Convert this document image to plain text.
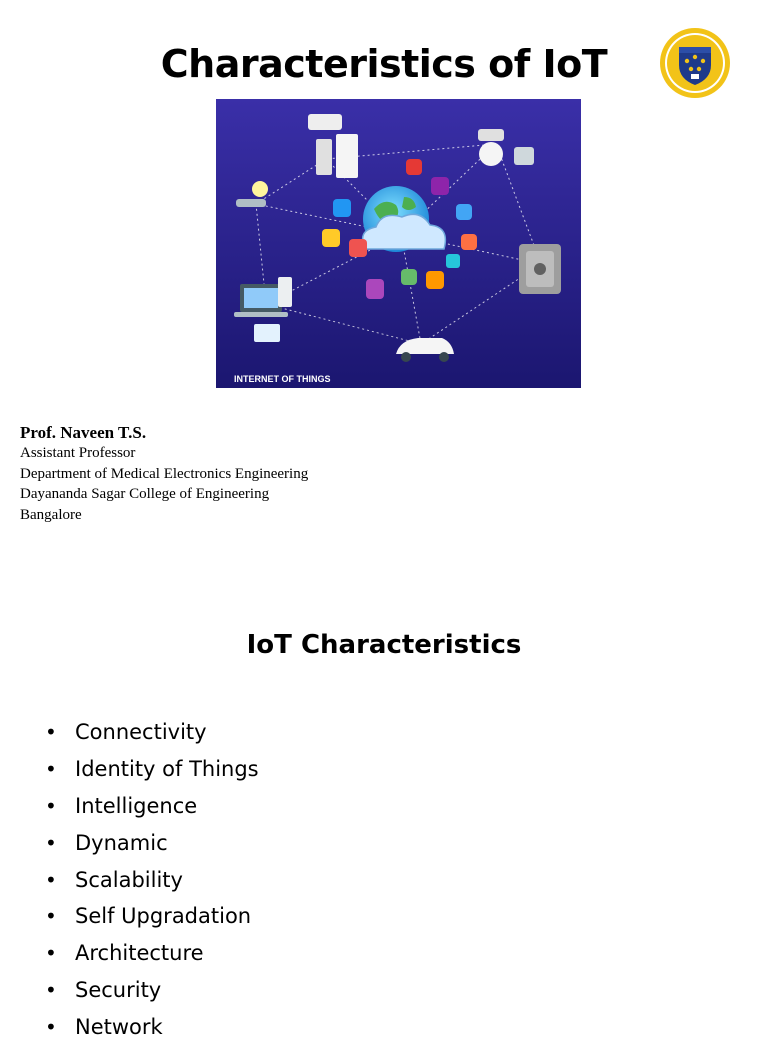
Characteristics of IoT
INTERNET OF THINGS
Prof. Naveen T.S.
Assistant Professor
Department of Medical Electronics Engineering
Dayananda Sagar College of Engineering
Bangalore
IoT Characteristics
• Connectivity
• Identity of Things
• Intelligence
• Dynamic
• Scalability
• Self Upgradation
• Architecture
• Security
• Network
